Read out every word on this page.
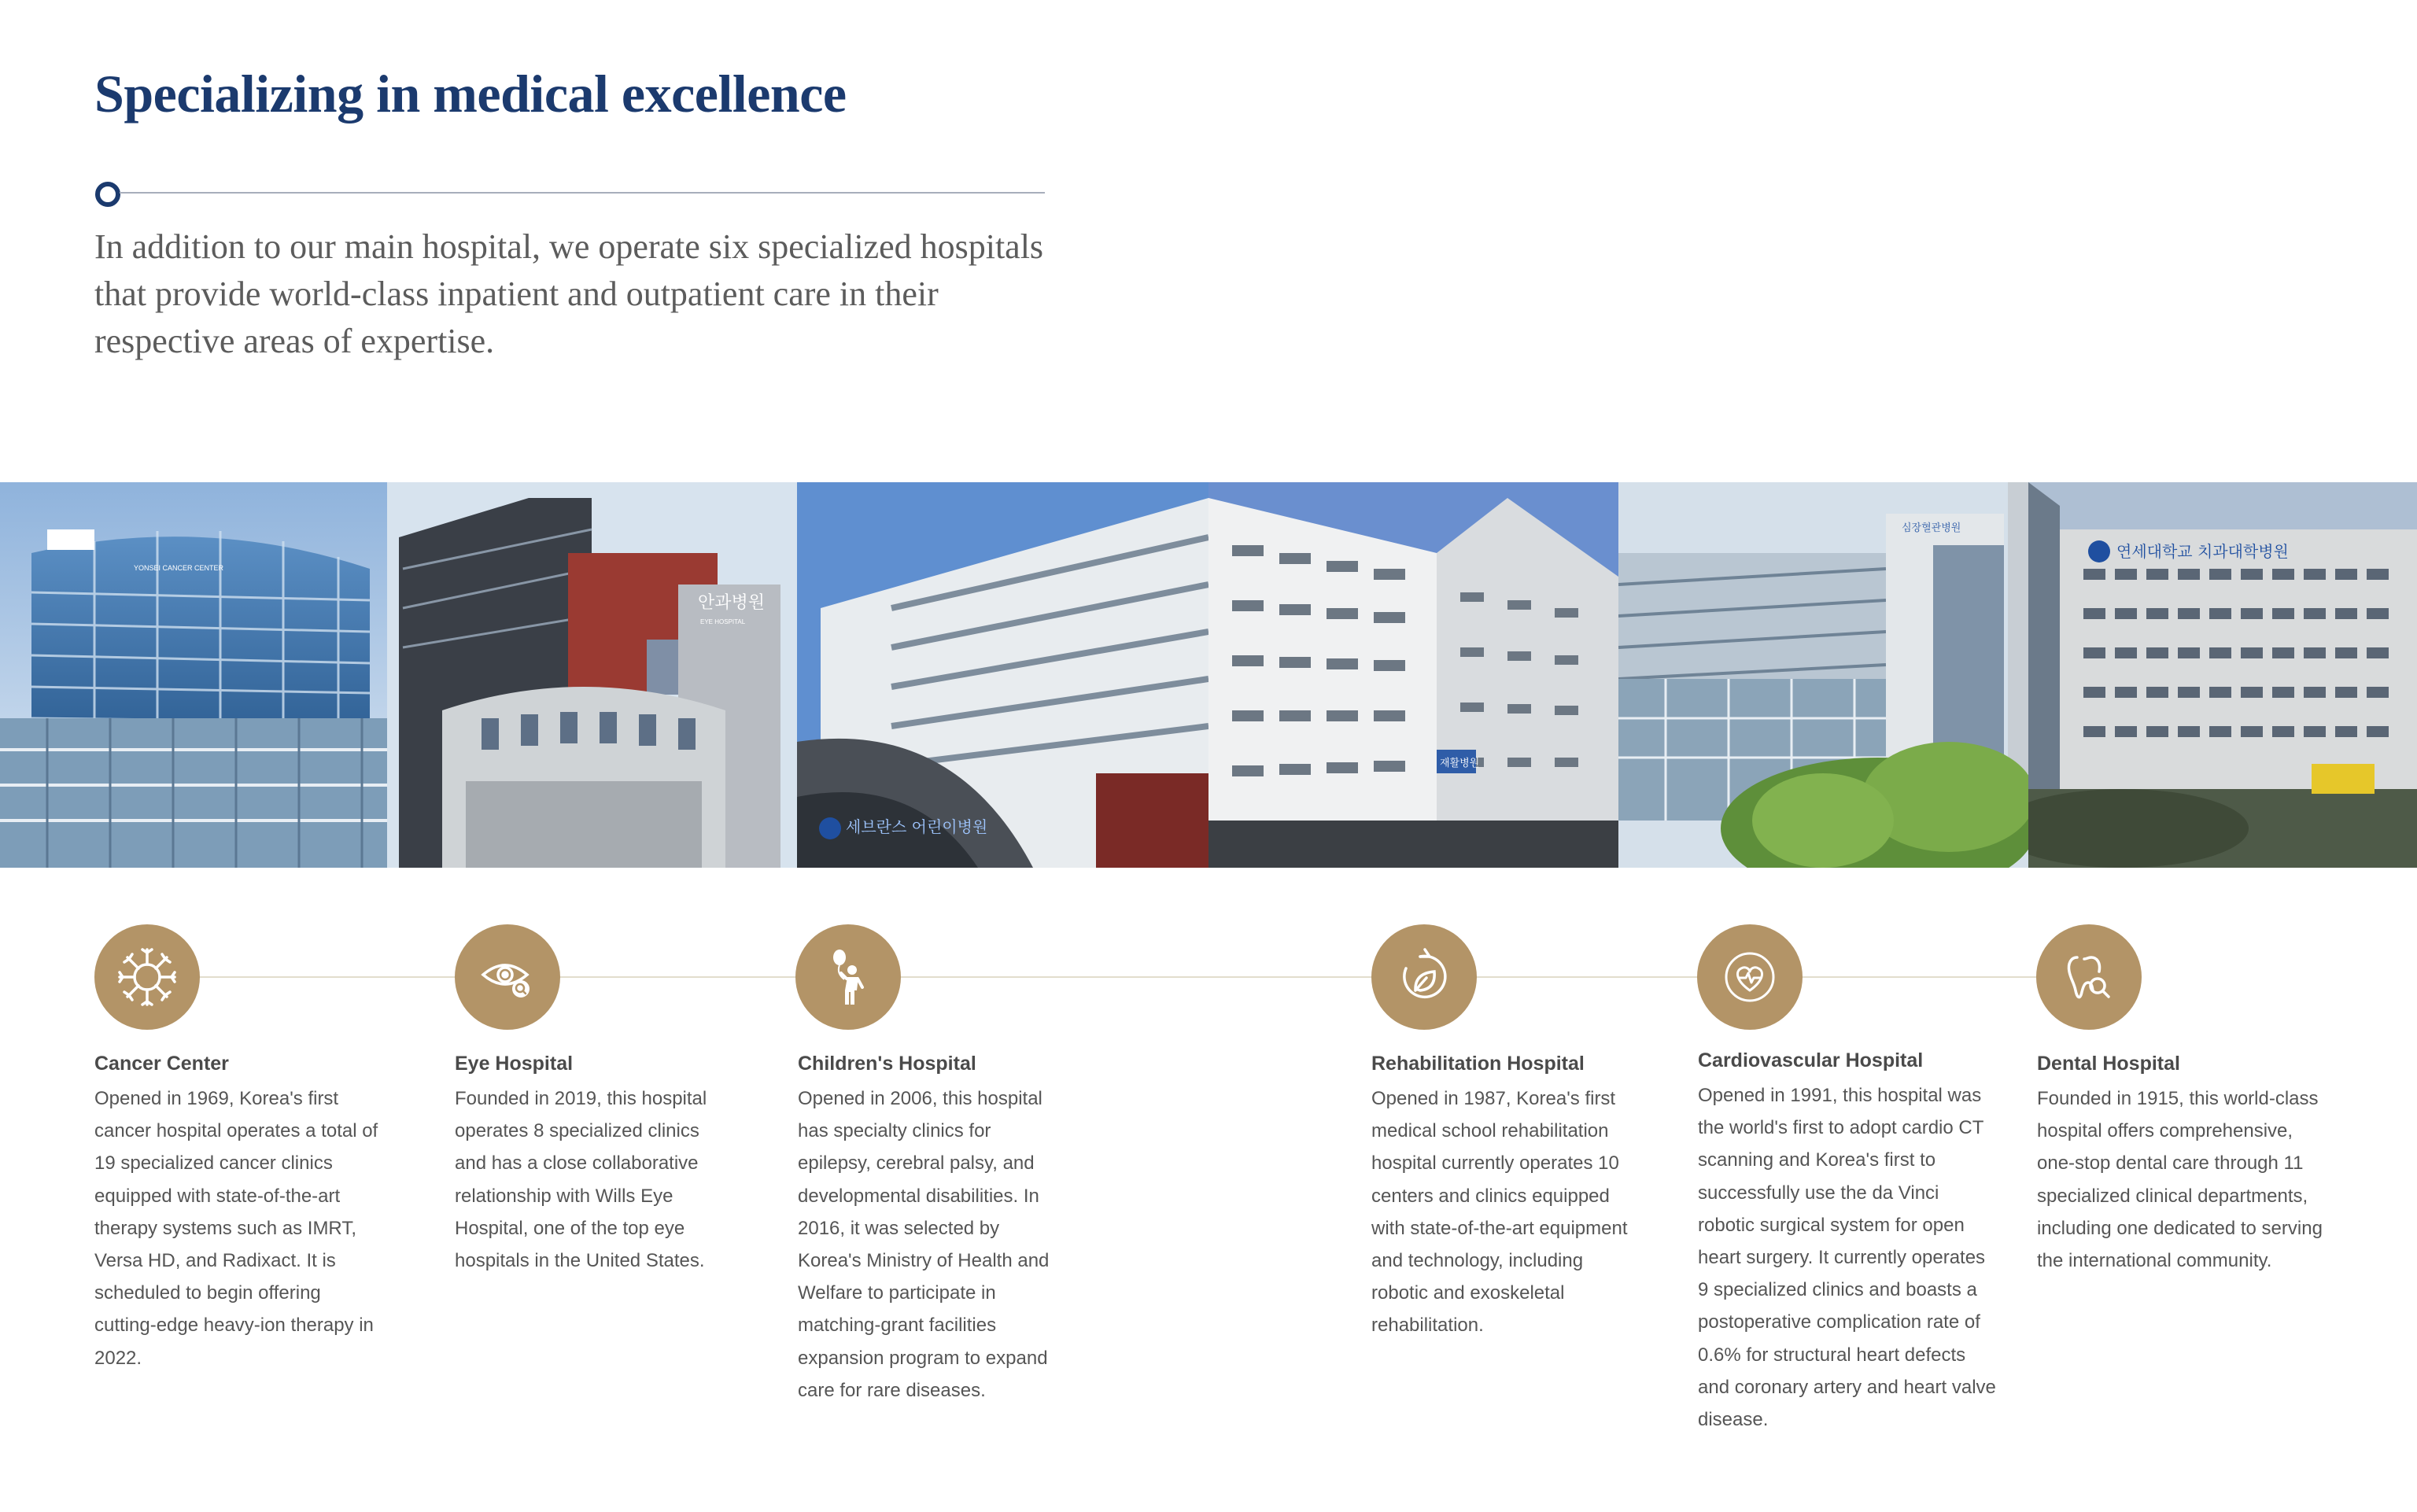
Specializing in medical excellence

In addition to our main hospital, we operate six specialized hospitals that provide world-class inpatient and outpatient care in their respective areas of expertise.

YONSEI CANCER CENTER
안과병원
EYE HOSPITAL
세브란스 어린이병원
재활병원
심장혈관병원
연세대학교 치과대학병원
Cancer Center

Opened in 1969, Korea's first cancer hospital operates a total of 19 specialized cancer clinics equipped with state-of-the-art therapy systems such as IMRT, Versa HD, and Radixact. It is scheduled to begin offering cutting-edge heavy-ion therapy in 2022.

Eye Hospital

Founded in 2019, this hospital operates 8 specialized clinics and has a close collaborative relationship with Wills Eye Hospital, one of the top eye hospitals in the United States.

Children's Hospital

Opened in 2006, this hospital has specialty clinics for epilepsy, cerebral palsy, and developmental disabilities. In 2016, it was selected by Korea's Ministry of Health and Welfare to participate in matching-grant facilities expansion program to expand care for rare diseases.

Rehabilitation Hospital

Opened in 1987, Korea's first medical school rehabilitation hospital currently operates 10 centers and clinics equipped with state-of-the-art equipment and technology, including robotic and exoskeletal rehabilitation.

Cardiovascular Hospital

Opened in 1991, this hospital was the world's first to adopt cardio CT scanning and Korea's first to successfully use the da Vinci robotic surgical system for open heart surgery. It currently operates 9 specialized clinics and boasts a postoperative complication rate of 0.6% for structural heart defects and coronary artery and heart valve disease.

Dental Hospital

Founded in 1915, this world-class hospital offers comprehensive, one-stop dental care through 11 specialized clinical departments, including one dedicated to serving the international community.
